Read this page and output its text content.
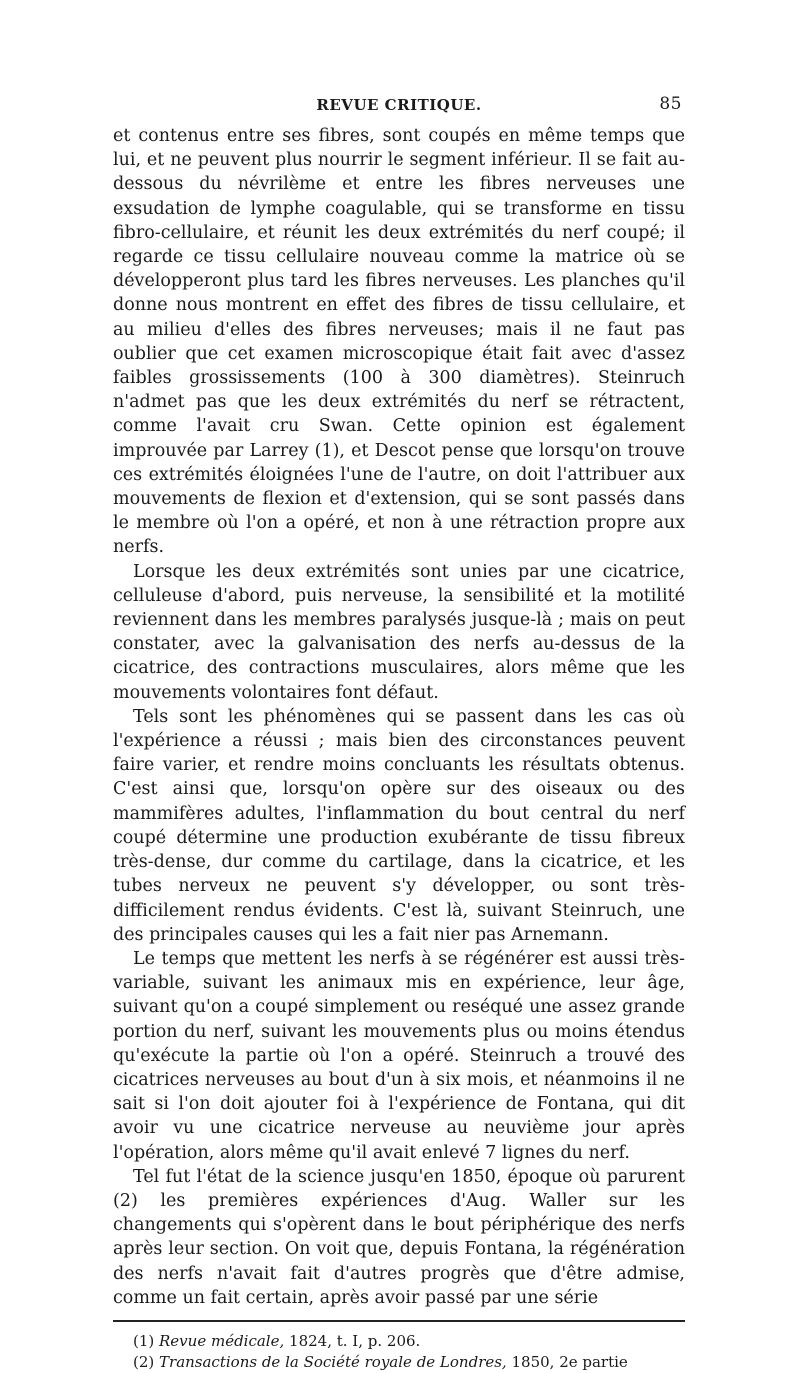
REVUE CRITIQUE.	85

et contenus entre ses fibres, sont coupés en même temps que lui, et ne peuvent plus nourrir le segment inférieur. Il se fait au-dessous du névrilème et entre les fibres nerveuses une exsudation de lymphe coagulable, qui se transforme en tissu fibro-cellulaire, et réunit les deux extrémités du nerf coupé; il regarde ce tissu cellulaire nouveau comme la matrice où se développeront plus tard les fibres nerveuses. Les planches qu'il donne nous montrent en effet des fibres de tissu cellulaire, et au milieu d'elles des fibres nerveuses; mais il ne faut pas oublier que cet examen microscopique était fait avec d'assez faibles grossissements (100 à 300 diamètres). Steinruch n'admet pas que les deux extrémités du nerf se rétractent, comme l'avait cru Swan. Cette opinion est également improuvée par Larrey (1), et Descot pense que lorsqu'on trouve ces extrémités éloignées l'une de l'autre, on doit l'attribuer aux mouvements de flexion et d'extension, qui se sont passés dans le membre où l'on a opéré, et non à une rétraction propre aux nerfs.

Lorsque les deux extrémités sont unies par une cicatrice, celluleuse d'abord, puis nerveuse, la sensibilité et la motilité reviennent dans les membres paralysés jusque-là ; mais on peut constater, avec la galvanisation des nerfs au-dessus de la cicatrice, des contractions musculaires, alors même que les mouvements volontaires font défaut.

Tels sont les phénomènes qui se passent dans les cas où l'expérience a réussi ; mais bien des circonstances peuvent faire varier, et rendre moins concluants les résultats obtenus. C'est ainsi que, lorsqu'on opère sur des oiseaux ou des mammifères adultes, l'inflammation du bout central du nerf coupé détermine une production exubérante de tissu fibreux très-dense, dur comme du cartilage, dans la cicatrice, et les tubes nerveux ne peuvent s'y développer, ou sont très-difficilement rendus évidents. C'est là, suivant Steinruch, une des principales causes qui les a fait nier pas Arnemann.

Le temps que mettent les nerfs à se régénérer est aussi très-variable, suivant les animaux mis en expérience, leur âge, suivant qu'on a coupé simplement ou reséqué une assez grande portion du nerf, suivant les mouvements plus ou moins étendus qu'exécute la partie où l'on a opéré. Steinruch a trouvé des cicatrices nerveuses au bout d'un à six mois, et néanmoins il ne sait si l'on doit ajouter foi à l'expérience de Fontana, qui dit avoir vu une cicatrice nerveuse au neuvième jour après l'opération, alors même qu'il avait enlevé 7 lignes du nerf.

Tel fut l'état de la science jusqu'en 1850, époque où parurent (2) les premières expériences d'Aug. Waller sur les changements qui s'opèrent dans le bout périphérique des nerfs après leur section. On voit que, depuis Fontana, la régénération des nerfs n'avait fait d'autres progrès que d'être admise, comme un fait certain, après avoir passé par une série

(1) Revue médicale, 1824, t. I, p. 206.
(2) Transactions de la Société royale de Londres, 1850, 2e partie
